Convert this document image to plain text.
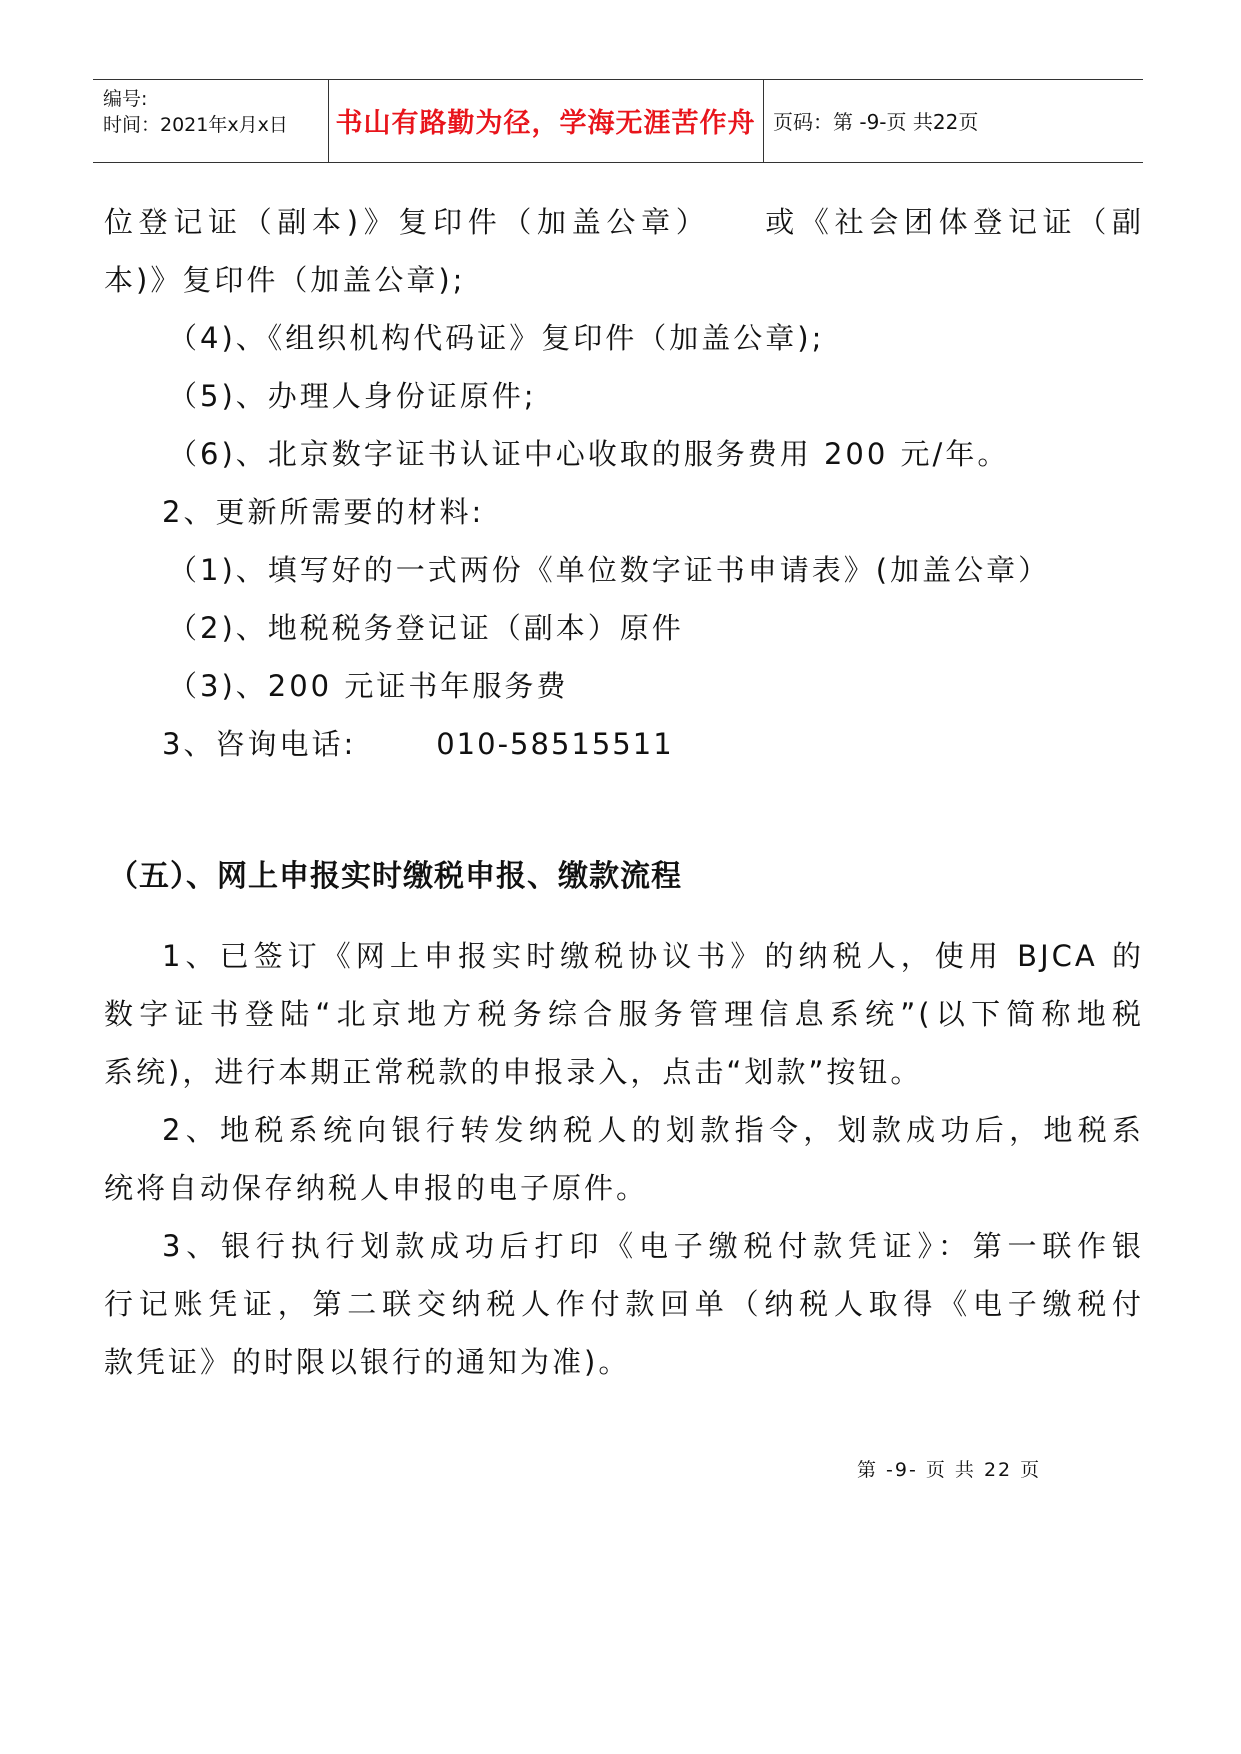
编号:
时间：2021年x月x日 书山有路勤为径，学海无涯苦作舟 页码：第 -9-页 共22页
位登记证（副本)》复印件（加盖公章）　　或《社会团体登记证（副
本)》复印件（加盖公章);
（4)、《组织机构代码证》复印件（加盖公章);
（5)、办理人身份证原件;
（6)、北京数字证书认证中心收取的服务费用 200 元/年。
2、更新所需要的材料:
（1)、填写好的一式两份《单位数字证书申请表》(加盖公章）
（2)、地税税务登记证（副本）原件
（3)、200 元证书年服务费
3、咨询电话:	010-58515511
（五）、网上申报实时缴税申报、缴款流程
1、已签订《网上申报实时缴税协议书》的纳税人，使用 BJCA 的
数字证书登陆“北京地方税务综合服务管理信息系统”(以下简称地税
系统)，进行本期正常税款的申报录入，点击“划款”按钮。
2、地税系统向银行转发纳税人的划款指令，划款成功后，地税系
统将自动保存纳税人申报的电子原件。
3、银行执行划款成功后打印《电子缴税付款凭证》：第一联作银
行记账凭证，第二联交纳税人作付款回单（纳税人取得《电子缴税付
款凭证》的时限以银行的通知为准)。
第 -9- 页 共 22 页
